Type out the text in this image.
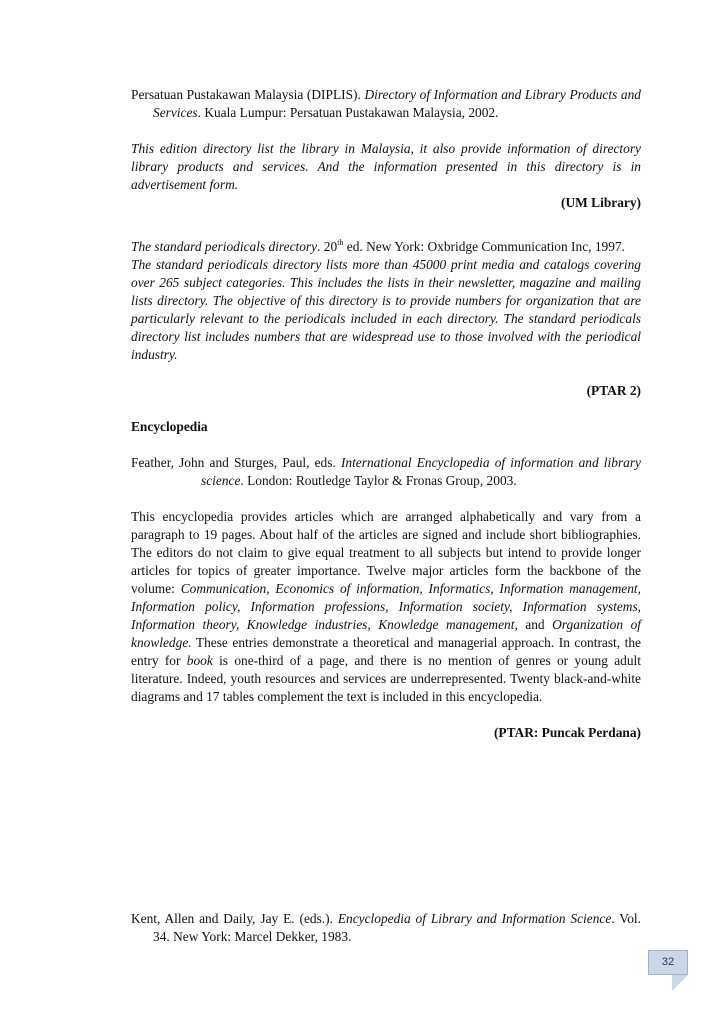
Persatuan Pustakawan Malaysia (DIPLIS). Directory of Information and Library Products and Services. Kuala Lumpur: Persatuan Pustakawan Malaysia, 2002.

This edition directory list the library in Malaysia, it also provide information of directory library products and services. And the information presented in this directory is in advertisement form.

(UM Library)

The standard periodicals directory. 20th ed. New York: Oxbridge Communication Inc, 1997.

The standard periodicals directory lists more than 45000 print media and catalogs covering over 265 subject categories. This includes the lists in their newsletter, magazine and mailing lists directory. The objective of this directory is to provide numbers for organization that are particularly relevant to the periodicals included in each directory. The standard periodicals directory list includes numbers that are widespread use to those involved with the periodical industry.

(PTAR 2)

Encyclopedia

Feather, John and Sturges, Paul, eds. International Encyclopedia of information and library science. London: Routledge Taylor & Fronas Group, 2003.

This encyclopedia provides articles which are arranged alphabetically and vary from a paragraph to 19 pages. About half of the articles are signed and include short bibliographies. The editors do not claim to give equal treatment to all subjects but intend to provide longer articles for topics of greater importance. Twelve major articles form the backbone of the volume: Communication, Economics of information, Informatics, Information management, Information policy, Information professions, Information society, Information systems, Information theory, Knowledge industries, Knowledge management, and Organization of knowledge. These entries demonstrate a theoretical and managerial approach. In contrast, the entry for book is one-third of a page, and there is no mention of genres or young adult literature. Indeed, youth resources and services are underrepresented. Twenty black-and-white diagrams and 17 tables complement the text is included in this encyclopedia.

(PTAR: Puncak Perdana)

Kent, Allen and Daily, Jay E. (eds.). Encyclopedia of Library and Information Science. Vol. 34. New York: Marcel Dekker, 1983.

32
